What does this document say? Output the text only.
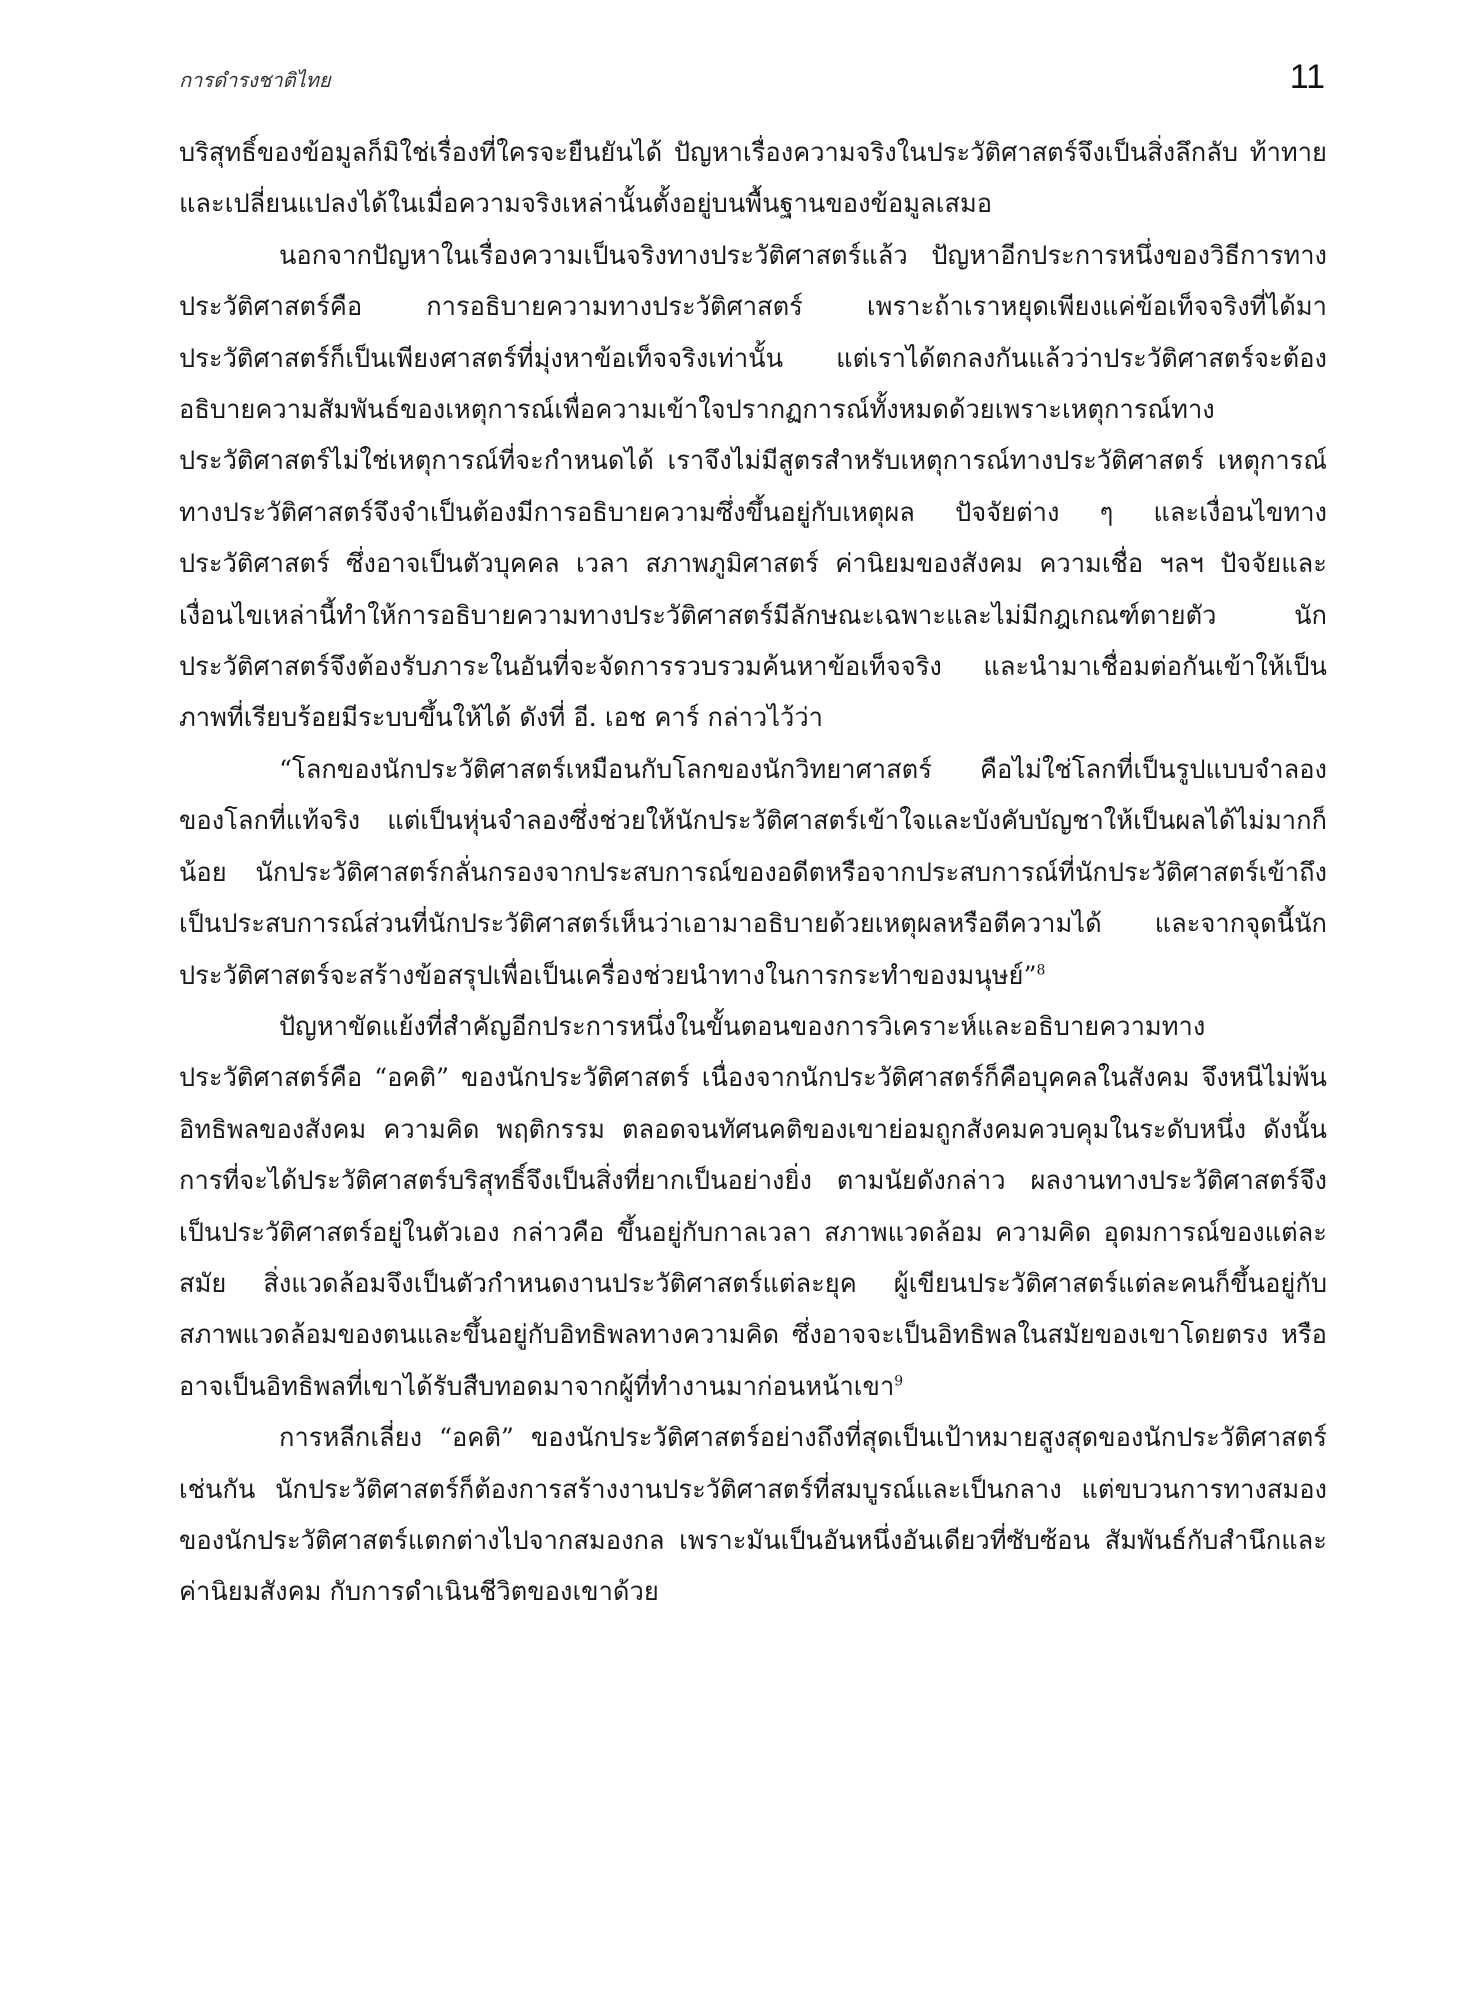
การดำรงชาติไทย	11

บริสุทธิ์ของข้อมูลก็มิใช่เรื่องที่ใครจะยืนยันได้ ปัญหาเรื่องความจริงในประวัติศาสตร์จึงเป็นสิ่งลึกลับ ท้าทาย และเปลี่ยนแปลงได้ในเมื่อความจริงเหล่านั้นตั้งอยู่บนพื้นฐานของข้อมูลเสมอ

นอกจากปัญหาในเรื่องความเป็นจริงทางประวัติศาสตร์แล้ว ปัญหาอีกประการหนึ่งของวิธีการทางประวัติศาสตร์คือ การอธิบายความทางประวัติศาสตร์ เพราะถ้าเราหยุดเพียงแค่ข้อเท็จจริงที่ได้มา ประวัติศาสตร์ก็เป็นเพียงศาสตร์ที่มุ่งหาข้อเท็จจริงเท่านั้น แต่เราได้ตกลงกันแล้วว่าประวัติศาสตร์จะต้องอธิบายความสัมพันธ์ของเหตุการณ์เพื่อความเข้าใจปรากฏการณ์ทั้งหมดด้วยเพราะเหตุการณ์ทางประวัติศาสตร์ไม่ใช่เหตุการณ์ที่จะกำหนดได้ เราจึงไม่มีสูตรสำหรับเหตุการณ์ทางประวัติศาสตร์ เหตุการณ์ทางประวัติศาสตร์จึงจำเป็นต้องมีการอธิบายความซึ่งขึ้นอยู่กับเหตุผล ปัจจัยต่าง ๆ และเงื่อนไขทางประวัติศาสตร์ ซึ่งอาจเป็นตัวบุคคล เวลา สภาพภูมิศาสตร์ ค่านิยมของสังคม ความเชื่อ ฯลฯ ปัจจัยและเงื่อนไขเหล่านี้ทำให้การอธิบายความทางประวัติศาสตร์มีลักษณะเฉพาะและไม่มีกฎเกณฑ์ตายตัว นักประวัติศาสตร์จึงต้องรับภาระในอันที่จะจัดการรวบรวมค้นหาข้อเท็จจริง และนำมาเชื่อมต่อกันเข้าให้เป็นภาพที่เรียบร้อยมีระบบขึ้นให้ได้ ดังที่ อี. เอช คาร์ กล่าวไว้ว่า

“โลกของนักประวัติศาสตร์เหมือนกับโลกของนักวิทยาศาสตร์ คือไม่ใช่โลกที่เป็นรูปแบบจำลองของโลกที่แท้จริง แต่เป็นหุ่นจำลองซึ่งช่วยให้นักประวัติศาสตร์เข้าใจและบังคับบัญชาให้เป็นผลได้ไม่มากก็น้อย นักประวัติศาสตร์กลั่นกรองจากประสบการณ์ของอดีตหรือจากประสบการณ์ที่นักประวัติศาสตร์เข้าถึง เป็นประสบการณ์ส่วนที่นักประวัติศาสตร์เห็นว่าเอามาอธิบายด้วยเหตุผลหรือตีความได้ และจากจุดนี้นักประวัติศาสตร์จะสร้างข้อสรุปเพื่อเป็นเครื่องช่วยนำทางในการกระทำของมนุษย์”$^8$

ปัญหาขัดแย้งที่สำคัญอีกประการหนึ่งในขั้นตอนของการวิเคราะห์และอธิบายความทางประวัติศาสตร์คือ “อคติ” ของนักประวัติศาสตร์ เนื่องจากนักประวัติศาสตร์ก็คือบุคคลในสังคม จึงหนีไม่พ้นอิทธิพลของสังคม ความคิด พฤติกรรม ตลอดจนทัศนคติของเขาย่อมถูกสังคมควบคุมในระดับหนึ่ง ดังนั้น การที่จะได้ประวัติศาสตร์บริสุทธิ์จึงเป็นสิ่งที่ยากเป็นอย่างยิ่ง ตามนัยดังกล่าว ผลงานทางประวัติศาสตร์จึงเป็นประวัติศาสตร์อยู่ในตัวเอง กล่าวคือ ขึ้นอยู่กับกาลเวลา สภาพแวดล้อม ความคิด อุดมการณ์ของแต่ละสมัย สิ่งแวดล้อมจึงเป็นตัวกำหนดงานประวัติศาสตร์แต่ละยุค ผู้เขียนประวัติศาสตร์แต่ละคนก็ขึ้นอยู่กับสภาพแวดล้อมของตนและขึ้นอยู่กับอิทธิพลทางความคิด ซึ่งอาจจะเป็นอิทธิพลในสมัยของเขาโดยตรง หรืออาจเป็นอิทธิพลที่เขาได้รับสืบทอดมาจากผู้ที่ทำงานมาก่อนหน้าเขา$^9$

การหลีกเลี่ยง “อคติ” ของนักประวัติศาสตร์อย่างถึงที่สุดเป็นเป้าหมายสูงสุดของนักประวัติศาสตร์เช่นกัน นักประวัติศาสตร์ก็ต้องการสร้างงานประวัติศาสตร์ที่สมบูรณ์และเป็นกลาง แต่ขบวนการทางสมองของนักประวัติศาสตร์แตกต่างไปจากสมองกล เพราะมันเป็นอันหนึ่งอันเดียวที่ซับซ้อน สัมพันธ์กับสำนึกและค่านิยมสังคม กับการดำเนินชีวิตของเขาด้วย
